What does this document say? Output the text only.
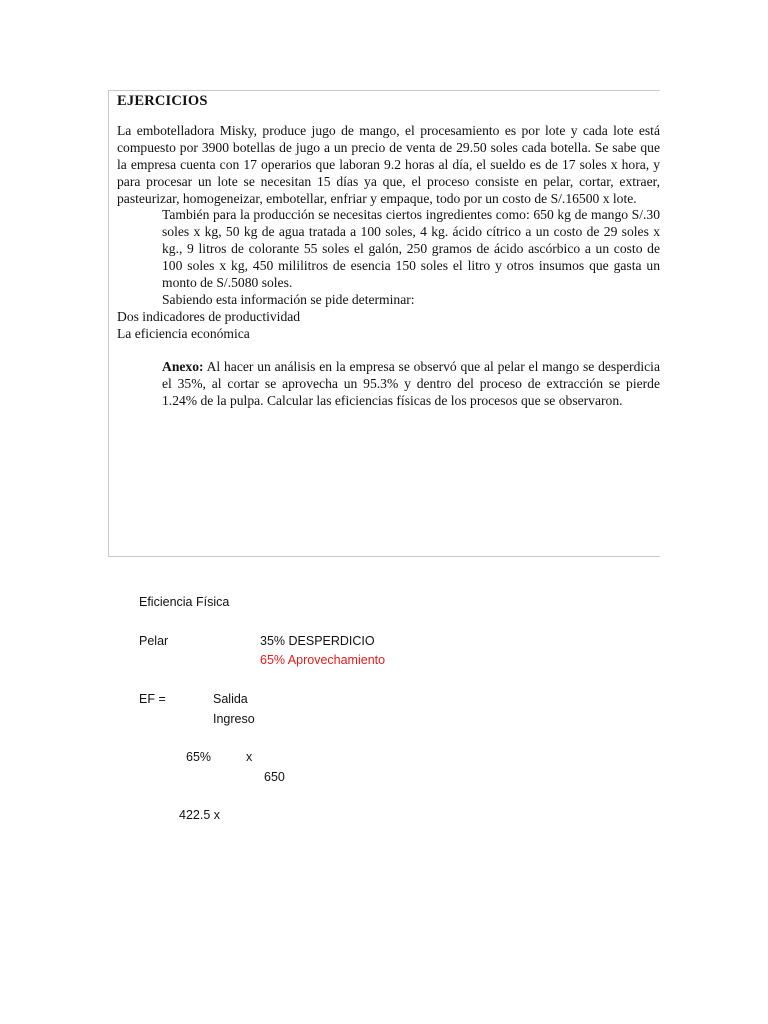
EJERCICIOS
La embotelladora Misky, produce jugo de mango, el procesamiento es por lote y cada lote está compuesto por 3900 botellas de jugo a un precio de venta de 29.50 soles cada botella. Se sabe que la empresa cuenta con 17 operarios que laboran 9.2 horas al día, el sueldo es de 17 soles x hora, y para procesar un lote se necesitan 15 días ya que, el proceso consiste en pelar, cortar, extraer, pasteurizar, homogeneizar, embotellar, enfriar y empaque, todo por un costo de S/.16500 x lote.
También para la producción se necesitas ciertos ingredientes como: 650 kg de mango S/.30 soles x kg, 50 kg de agua tratada a 100 soles, 4 kg. ácido cítrico a un costo de 29 soles x kg., 9 litros de colorante 55 soles el galón, 250 gramos de ácido ascórbico a un costo de 100 soles x kg, 450 mililitros de esencia 150 soles el litro y otros insumos que gasta un monto de S/.5080 soles.
Sabiendo esta información se pide determinar:
Dos indicadores de productividad
La eficiencia económica
Anexo: Al hacer un análisis en la empresa se observó que al pelar el mango se desperdicia el 35%, al cortar se aprovecha un 95.3% y dentro del proceso de extracción se pierde 1.24% de la pulpa. Calcular las eficiencias físicas de los procesos que se observaron.
Eficiencia Física
Pelar	35% DESPERDICIO
65% Aprovechamiento
EF =	Salida
Ingreso
65%	x
650
422.5 x
